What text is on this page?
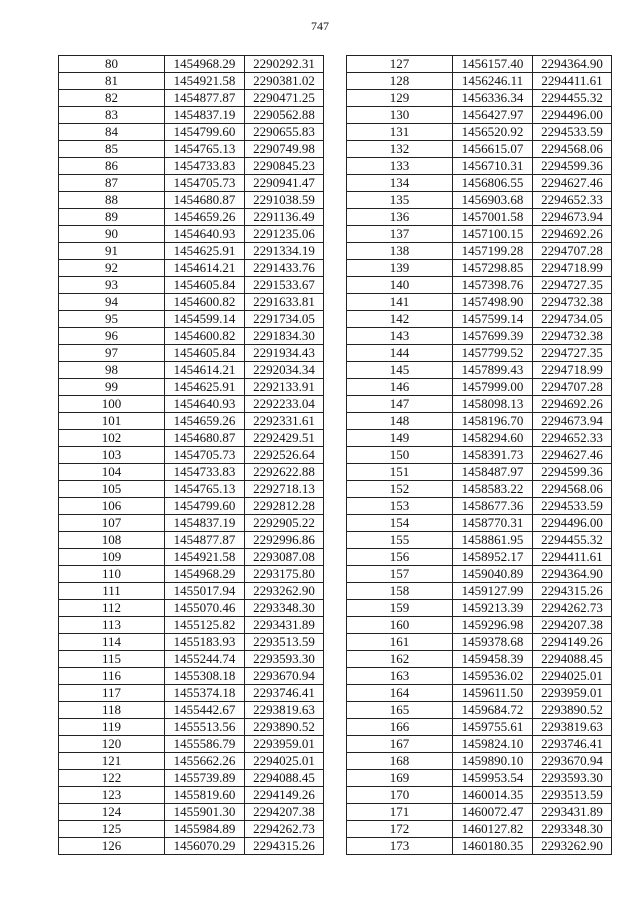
747
80	1454968.29	2290292.31
81	1454921.58	2290381.02
82	1454877.87	2290471.25
83	1454837.19	2290562.88
84	1454799.60	2290655.83
85	1454765.13	2290749.98
86	1454733.83	2290845.23
87	1454705.73	2290941.47
88	1454680.87	2291038.59
89	1454659.26	2291136.49
90	1454640.93	2291235.06
91	1454625.91	2291334.19
92	1454614.21	2291433.76
93	1454605.84	2291533.67
94	1454600.82	2291633.81
95	1454599.14	2291734.05
96	1454600.82	2291834.30
97	1454605.84	2291934.43
98	1454614.21	2292034.34
99	1454625.91	2292133.91
100	1454640.93	2292233.04
101	1454659.26	2292331.61
102	1454680.87	2292429.51
103	1454705.73	2292526.64
104	1454733.83	2292622.88
105	1454765.13	2292718.13
106	1454799.60	2292812.28
107	1454837.19	2292905.22
108	1454877.87	2292996.86
109	1454921.58	2293087.08
110	1454968.29	2293175.80
111	1455017.94	2293262.90
112	1455070.46	2293348.30
113	1455125.82	2293431.89
114	1455183.93	2293513.59
115	1455244.74	2293593.30
116	1455308.18	2293670.94
117	1455374.18	2293746.41
118	1455442.67	2293819.63
119	1455513.56	2293890.52
120	1455586.79	2293959.01
121	1455662.26	2294025.01
122	1455739.89	2294088.45
123	1455819.60	2294149.26
124	1455901.30	2294207.38
125	1455984.89	2294262.73
126	1456070.29	2294315.26
127	1456157.40	2294364.90
128	1456246.11	2294411.61
129	1456336.34	2294455.32
130	1456427.97	2294496.00
131	1456520.92	2294533.59
132	1456615.07	2294568.06
133	1456710.31	2294599.36
134	1456806.55	2294627.46
135	1456903.68	2294652.33
136	1457001.58	2294673.94
137	1457100.15	2294692.26
138	1457199.28	2294707.28
139	1457298.85	2294718.99
140	1457398.76	2294727.35
141	1457498.90	2294732.38
142	1457599.14	2294734.05
143	1457699.39	2294732.38
144	1457799.52	2294727.35
145	1457899.43	2294718.99
146	1457999.00	2294707.28
147	1458098.13	2294692.26
148	1458196.70	2294673.94
149	1458294.60	2294652.33
150	1458391.73	2294627.46
151	1458487.97	2294599.36
152	1458583.22	2294568.06
153	1458677.36	2294533.59
154	1458770.31	2294496.00
155	1458861.95	2294455.32
156	1458952.17	2294411.61
157	1459040.89	2294364.90
158	1459127.99	2294315.26
159	1459213.39	2294262.73
160	1459296.98	2294207.38
161	1459378.68	2294149.26
162	1459458.39	2294088.45
163	1459536.02	2294025.01
164	1459611.50	2293959.01
165	1459684.72	2293890.52
166	1459755.61	2293819.63
167	1459824.10	2293746.41
168	1459890.10	2293670.94
169	1459953.54	2293593.30
170	1460014.35	2293513.59
171	1460072.47	2293431.89
172	1460127.82	2293348.30
173	1460180.35	2293262.90
